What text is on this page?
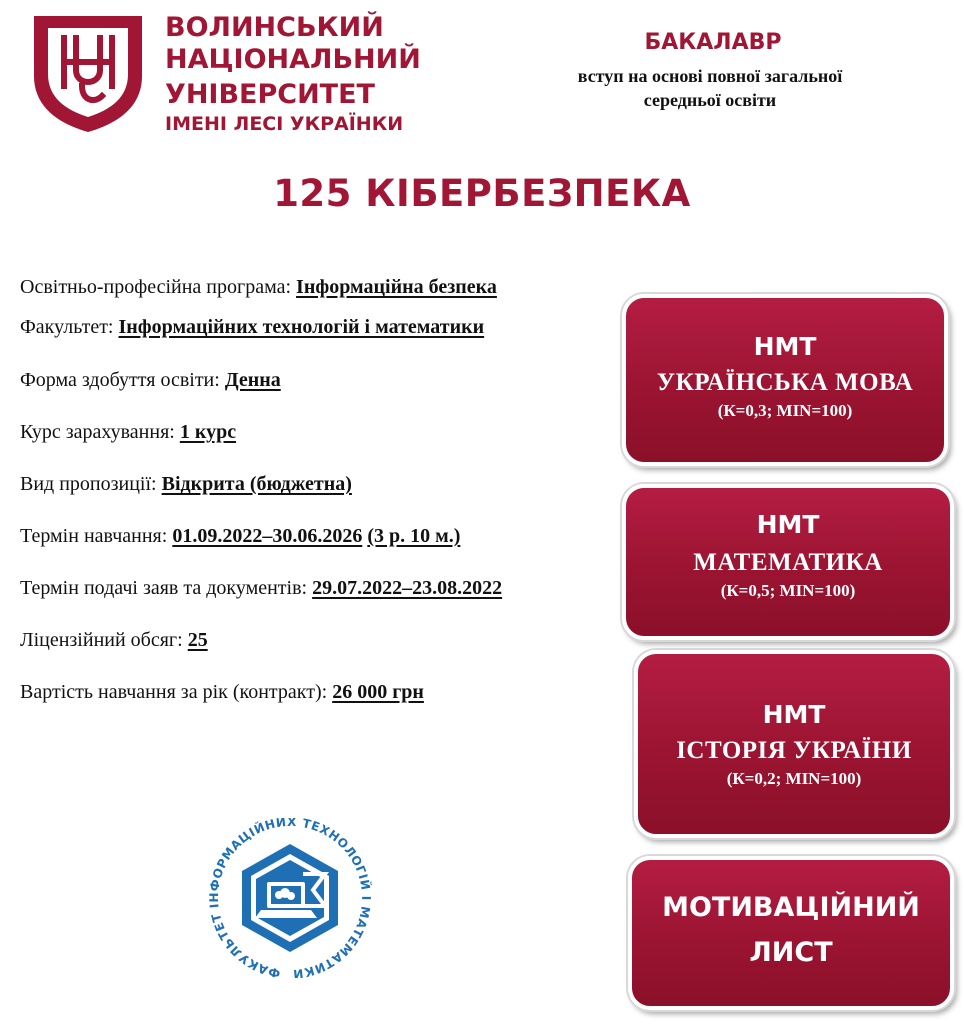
ВОЛИНСЬКИЙ
НАЦІОНАЛЬНИЙ
УНІВЕРСИТЕТ
ІМЕНІ ЛЕСІ УКРАЇНКИ
БАКАЛАВР
вступ на основі повної загальної
середньої освіти
125 КІБЕРБЕЗПЕКА
Освітньо-професійна програма: Інформаційна безпека
Факультет: Інформаційних технологій і математики
Форма здобуття освіти: Денна
Курс зарахування: 1 курс
Вид пропозиції: Відкрита (бюджетна)
Термін навчання: 01.09.2022–30.06.2026 (3 р. 10 м.)
Термін подачі заяв та документів: 29.07.2022–23.08.2022
Ліцензійний обсяг: 25
Вартість навчання за рік (контракт): 26 000 грн
НМТ
УКРАЇНСЬКА МОВА
(К=0,3; MIN=100)
НМТ
МАТЕМАТИКА
(К=0,5; MIN=100)
НМТ
ІСТОРІЯ УКРАЇНИ
(К=0,2; MIN=100)
МОТИВАЦІЙНИЙ
ЛИСТ
ФАКУЛЬТЕТ ІНФОРМАЦІЙНИХ ТЕХНОЛОГІЙ І МАТЕМАТИКИ
